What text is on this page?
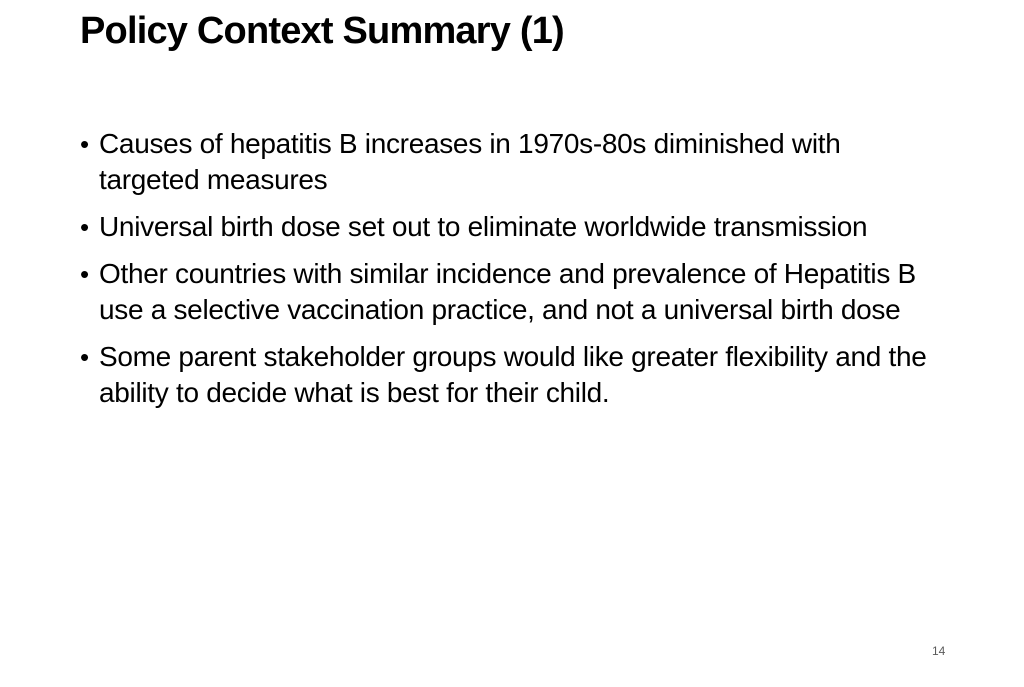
Policy Context Summary (1)
• Causes of hepatitis B increases in 1970s-80s diminished with targeted measures
• Universal birth dose set out to eliminate worldwide transmission
• Other countries with similar incidence and prevalence of Hepatitis B use a selective vaccination practice, and not a universal birth dose
• Some parent stakeholder groups would like greater flexibility and the ability to decide what is best for their child.
14
